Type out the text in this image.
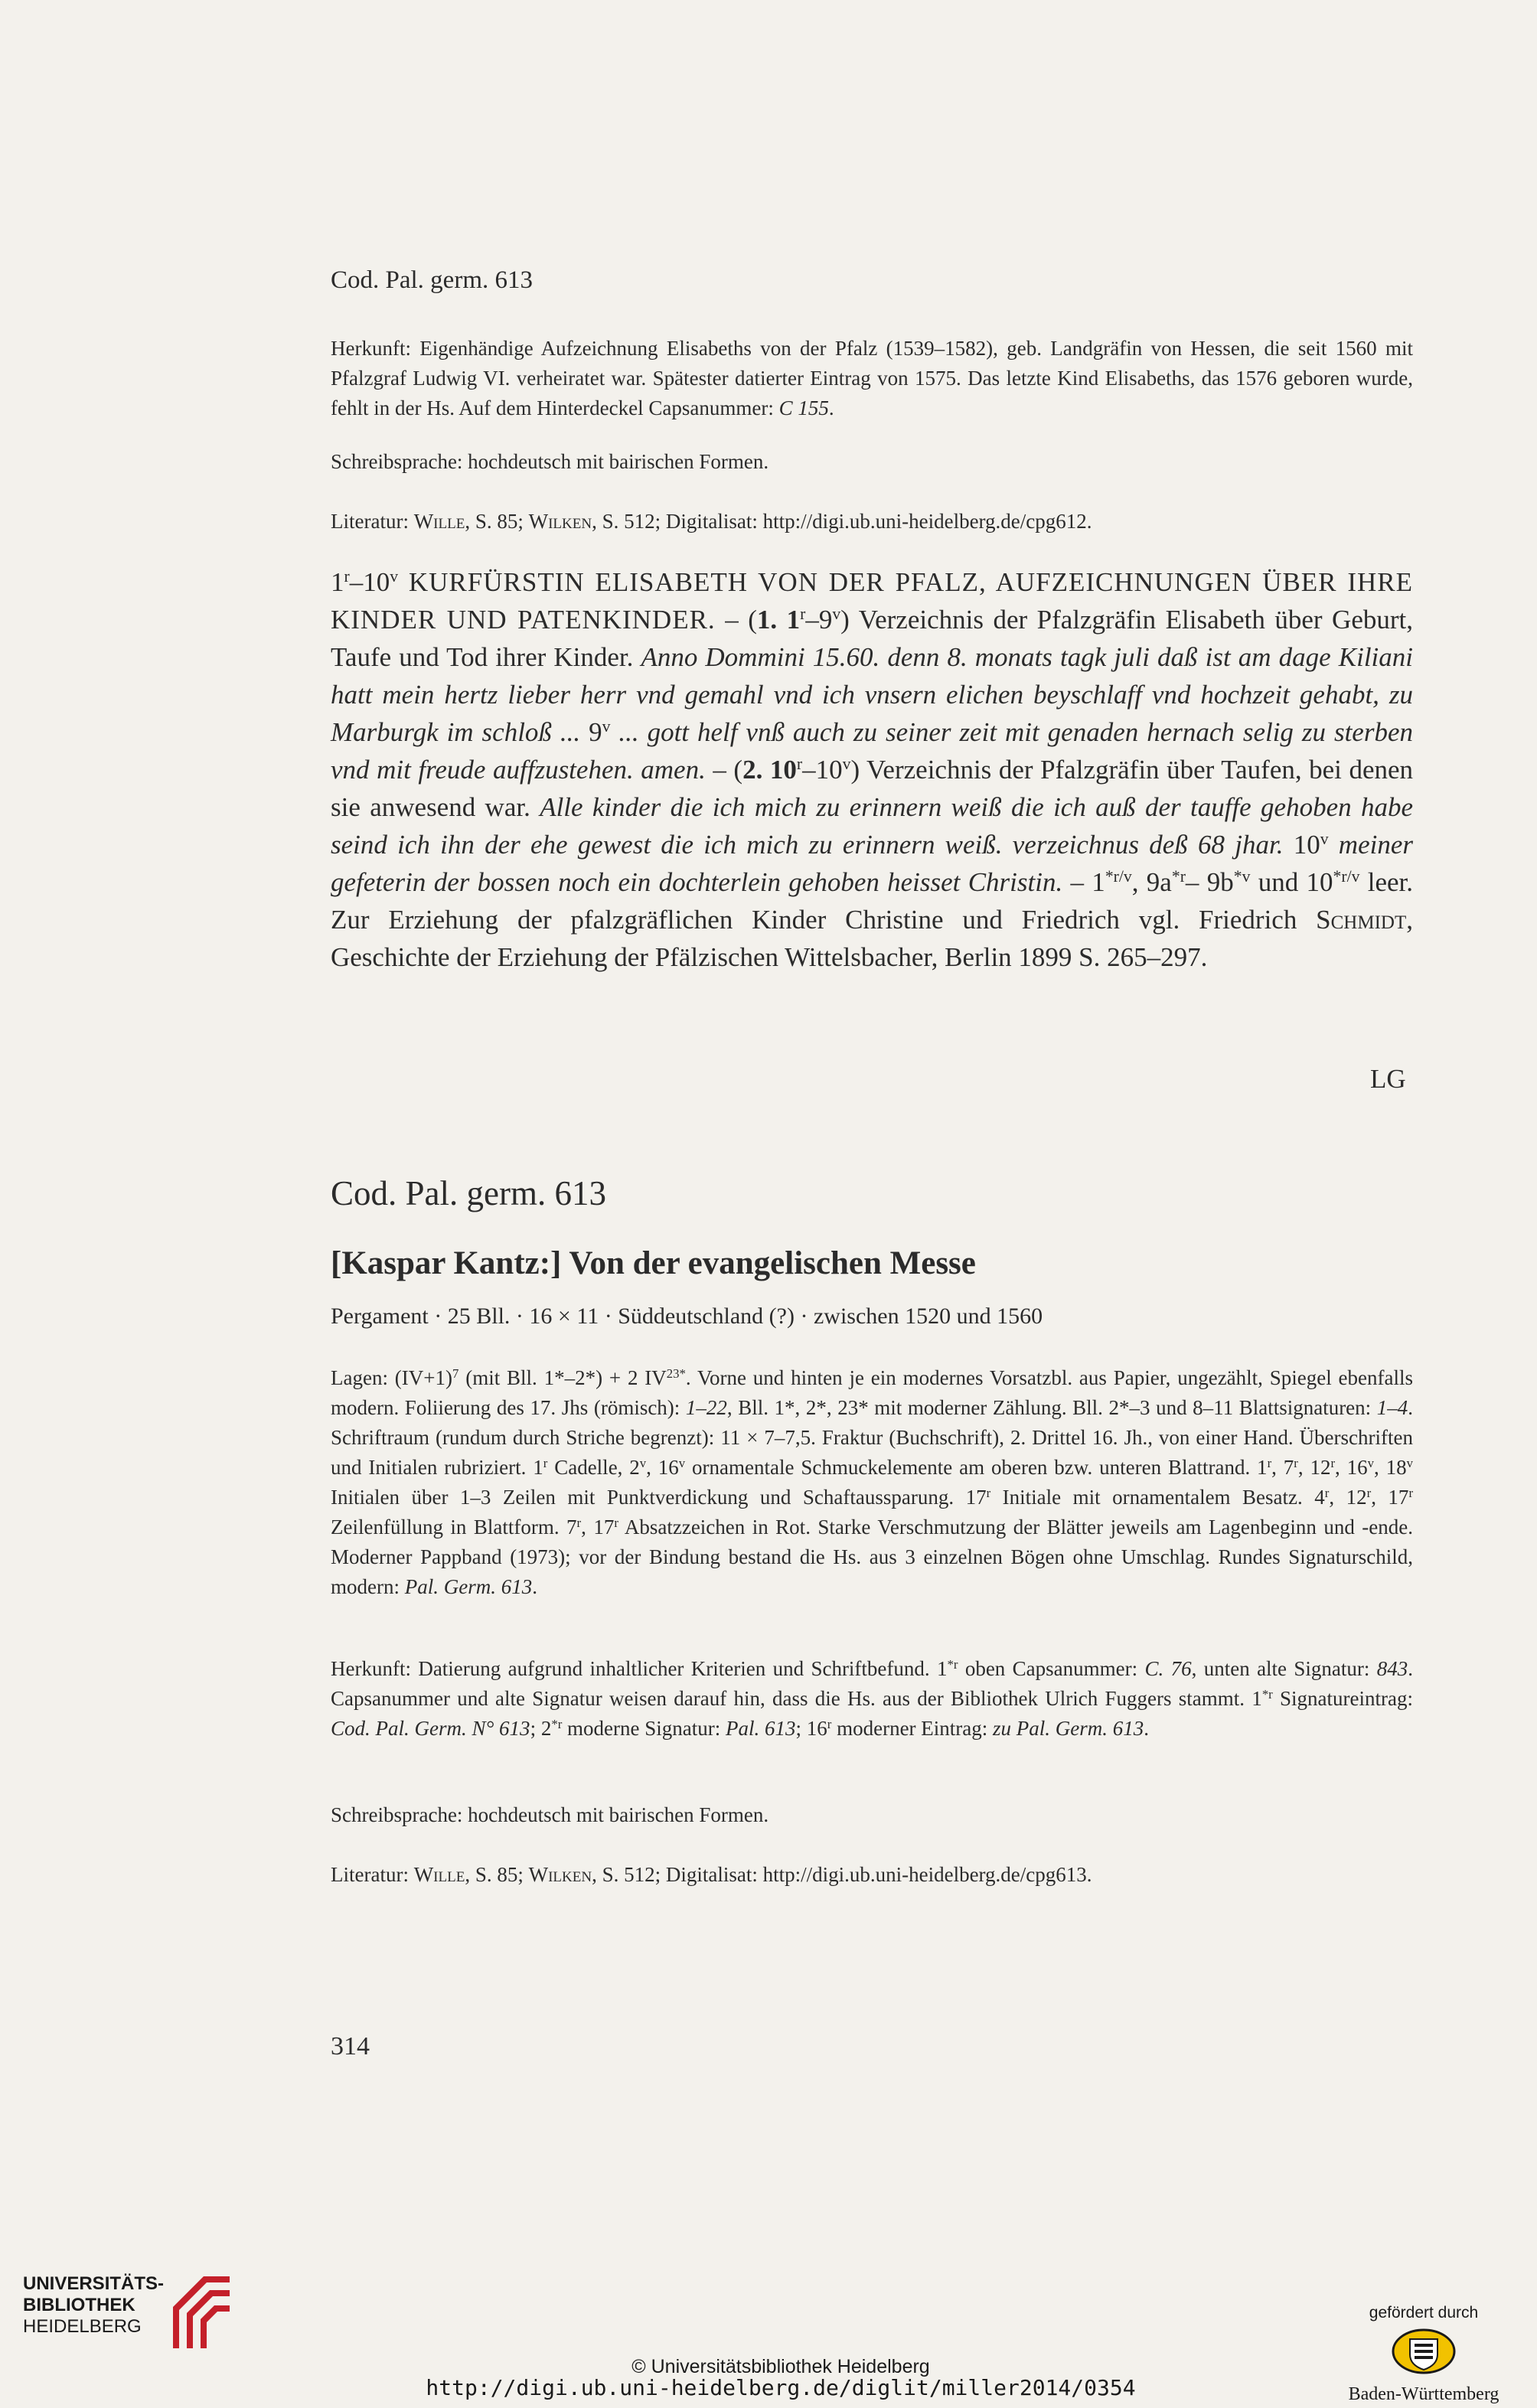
Cod. Pal. germ. 613
Herkunft: Eigenhändige Aufzeichnung Elisabeths von der Pfalz (1539–1582), geb. Landgräfin von Hessen, die seit 1560 mit Pfalzgraf Ludwig VI. verheiratet war. Spätester datierter Eintrag von 1575. Das letzte Kind Elisabeths, das 1576 geboren wurde, fehlt in der Hs. Auf dem Hinterdeckel Capsanummer: C 155.
Schreibsprache: hochdeutsch mit bairischen Formen.
Literatur: Wille, S. 85; Wilken, S. 512; Digitalisat: http://digi.ub.uni-heidelberg.de/cpg612.
1$^r$–10$^v$ KURFÜRSTIN ELISABETH VON DER PFALZ, AUFZEICHNUNGEN ÜBER IHRE KINDER UND PATENKINDER. – (1. 1$^r$–9$^v$) Verzeichnis der Pfalzgräfin Elisabeth über Geburt, Taufe und Tod ihrer Kinder. Anno Dommini 15.60. denn 8. monats tagk juli daß ist am dage Kiliani hatt mein hertz lieber herr vnd gemahl vnd ich vnsern elichen beyschlaff vnd hochzeit gehabt, zu Marburgk im schloß ... 9$^v$ ... gott helf vnß auch zu seiner zeit mit genaden hernach selig zu sterben vnd mit freude auffzustehen. amen. – (2. 10$^r$–10$^v$) Verzeichnis der Pfalzgräfin über Taufen, bei denen sie anwesend war. Alle kinder die ich mich zu erinnern weiß die ich auß der tauffe gehoben habe seind ich ihn der ehe gewest die ich mich zu erinnern weiß. verzeichnus deß 68 jhar. 10$^v$ meiner gefeterin der bossen noch ein dochterlein gehoben heisset Christin. – $1^{*r/v}$, $9a^{*r}-$ $9b^{*v}$ und $10^{*r/v}$ leer. Zur Erziehung der pfalzgräflichen Kinder Christine und Friedrich vgl. Friedrich Schmidt, Geschichte der Erziehung der Pfälzischen Wittelsbacher, Berlin 1899 S. 265–297.
LG
Cod. Pal. germ. 613
[Kaspar Kantz:] Von der evangelischen Messe
Pergament · 25 Bll. · 16 × 11 · Süddeutschland (?) · zwischen 1520 und 1560
Lagen: $(IV+1)^7$ (mit Bll. 1*–2*) + 2 $IV^{23*}$. Vorne und hinten je ein modernes Vorsatzbl. aus Papier, ungezählt, Spiegel ebenfalls modern. Foliierung des 17. Jhs (römisch): 1–22, Bll. 1*, 2*, 23* mit moderner Zählung. Bll. 2*–3 und 8–11 Blattsignaturen: 1–4. Schriftraum (rundum durch Striche begrenzt): 11 × 7–7,5. Fraktur (Buchschrift), 2. Drittel 16. Jh., von einer Hand. Überschriften und Initialen rubriziert. 1$^r$ Cadelle, 2$^v$, 16$^v$ ornamentale Schmuckelemente am oberen bzw. unteren Blattrand. 1$^r$, 7$^r$, 12$^r$, 16$^v$, 18$^v$ Initialen über 1–3 Zeilen mit Punktverdickung und Schaftaussparung. 17$^r$ Initiale mit ornamentalem Besatz. 4$^r$, 12$^r$, 17$^r$ Zeilenfüllung in Blattform. 7$^r$, 17$^r$ Absatzzeichen in Rot. Starke Verschmutzung der Blätter jeweils am Lagenbeginn und -ende. Moderner Pappband (1973); vor der Bindung bestand die Hs. aus 3 einzelnen Bögen ohne Umschlag. Rundes Signaturschild, modern: Pal. Germ. 613.
Herkunft: Datierung aufgrund inhaltlicher Kriterien und Schriftbefund. 1$^{*r}$ oben Capsanummer: C. 76, unten alte Signatur: 843. Capsanummer und alte Signatur weisen darauf hin, dass die Hs. aus der Bibliothek Ulrich Fuggers stammt. 1$^{*r}$ Signatureintrag: Cod. Pal. Germ. N° 613; 2$^{*r}$ moderne Signatur: Pal. 613; 16$^r$ moderner Eintrag: zu Pal. Germ. 613.
Schreibsprache: hochdeutsch mit bairischen Formen.
Literatur: Wille, S. 85; Wilken, S. 512; Digitalisat: http://digi.ub.uni-heidelberg.de/cpg613.
314
UNIVERSITÄTS-
BIBLIOTHEK
HEIDELBERG
© Universitätsbibliothek Heidelberg
http://digi.ub.uni-heidelberg.de/diglit/miller2014/0354
gefördert durch
Baden-Württemberg
